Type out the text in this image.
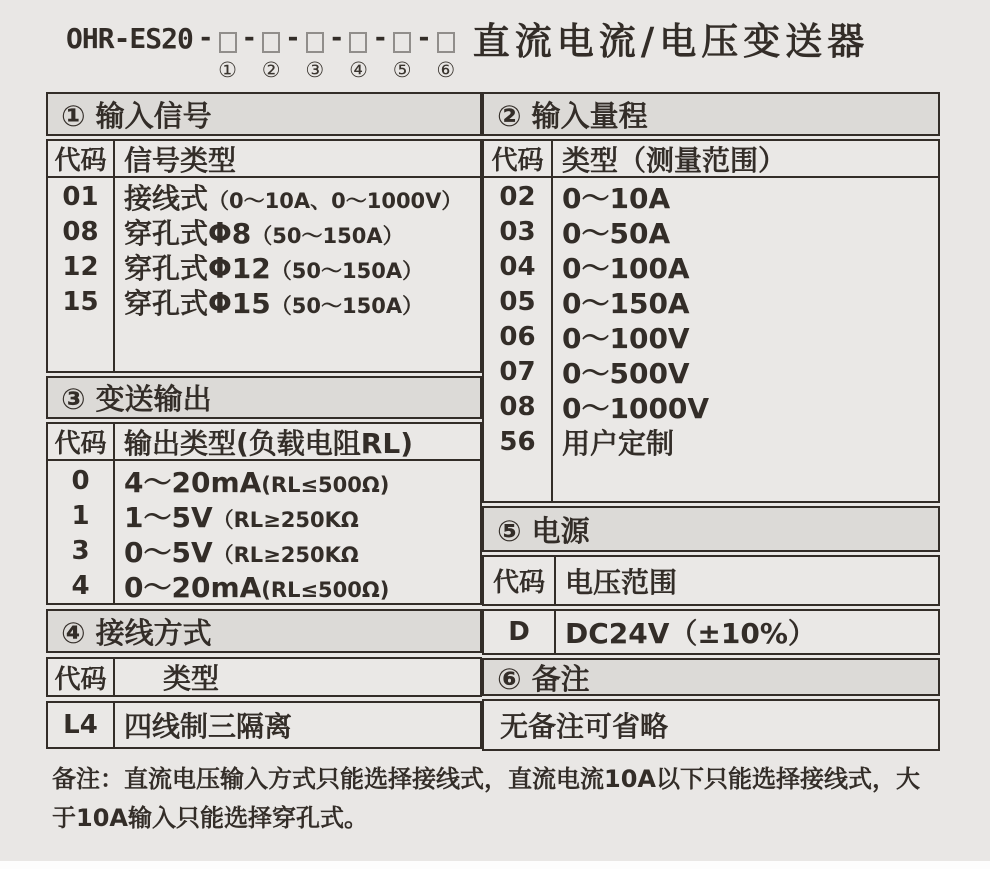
OHR-ES20 -
①
-
②
-
③
-
④
-
⑤
-
⑥
直流电流/电压变送器
① 输入信号
代码 信号类型
01 接线式（0～10A、0～1000V）
08 穿孔式Φ8（50～150A）
12 穿孔式Φ12（50～150A）
15 穿孔式Φ15（50～150A）
③ 变送输出
代码 输出类型(负载电阻RL)
0	4～20mA(RL≤500Ω)
1	1～5V（RL≥250KΩ
3	0～5V（RL≥250KΩ
4	0～20mA(RL≤500Ω)
④ 接线方式
代码	类型
L4 四线制三隔离
② 输入量程
代码 类型（测量范围）
02 0～10A
03 0～50A
04 0～100A
05 0～150A
06 0～100V
07 0～500V
08 0～1000V
56 用户定制
⑤ 电源
代码 电压范围
D	DC24V（±10%）
⑥ 备注
无备注可省略
备注：直流电压输入方式只能选择接线式，直流电流10A以下只能选择接线式，大于10A输入只能选择穿孔式。
